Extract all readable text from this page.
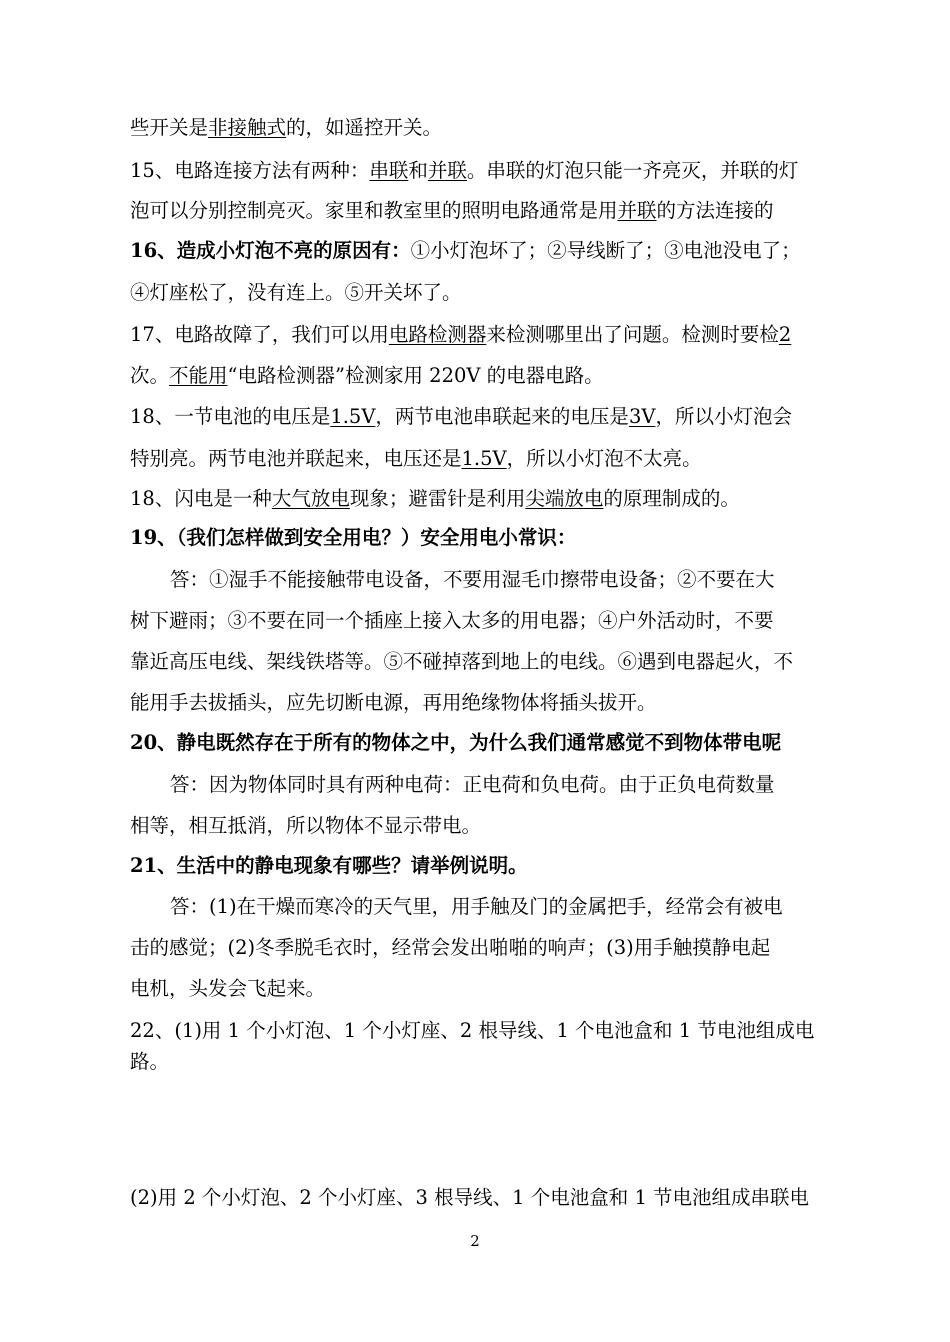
些开关是非接触式的，如遥控开关。
15、电路连接方法有两种：串联和并联。串联的灯泡只能一齐亮灭，并联的灯
泡可以分别控制亮灭。家里和教室里的照明电路通常是用并联的方法连接的
16、造成小灯泡不亮的原因有：①小灯泡坏了；②导线断了；③电池没电了；
④灯座松了，没有连上。⑤开关坏了。
17、电路故障了，我们可以用电路检测器来检测哪里出了问题。检测时要检2
次。不能用“电路检测器”检测家用 220V 的电器电路。
18、一节电池的电压是1.5V，两节电池串联起来的电压是3V，所以小灯泡会
特别亮。两节电池并联起来，电压还是1.5V，所以小灯泡不太亮。
18、闪电是一种大气放电现象；避雷针是利用尖端放电的原理制成的。
19、（我们怎样做到安全用电？）安全用电小常识：
答：①湿手不能接触带电设备，不要用湿毛巾擦带电设备；②不要在大
树下避雨；③不要在同一个插座上接入太多的用电器；④户外活动时，不要
靠近高压电线、架线铁塔等。⑤不碰掉落到地上的电线。⑥遇到电器起火，不
能用手去拔插头，应先切断电源，再用绝缘物体将插头拔开。
20、静电既然存在于所有的物体之中，为什么我们通常感觉不到物体带电呢
答：因为物体同时具有两种电荷：正电荷和负电荷。由于正负电荷数量
相等，相互抵消，所以物体不显示带电。
21、生活中的静电现象有哪些？请举例说明。
答：(1)在干燥而寒冷的天气里，用手触及门的金属把手，经常会有被电
击的感觉；(2)冬季脱毛衣时，经常会发出啪啪的响声；(3)用手触摸静电起
电机，头发会飞起来。
22、(1)用 1 个小灯泡、1 个小灯座、2 根导线、1 个电池盒和 1 节电池组成电
路。
(2)用 2 个小灯泡、2 个小灯座、3 根导线、1 个电池盒和 1 节电池组成串联电
2
